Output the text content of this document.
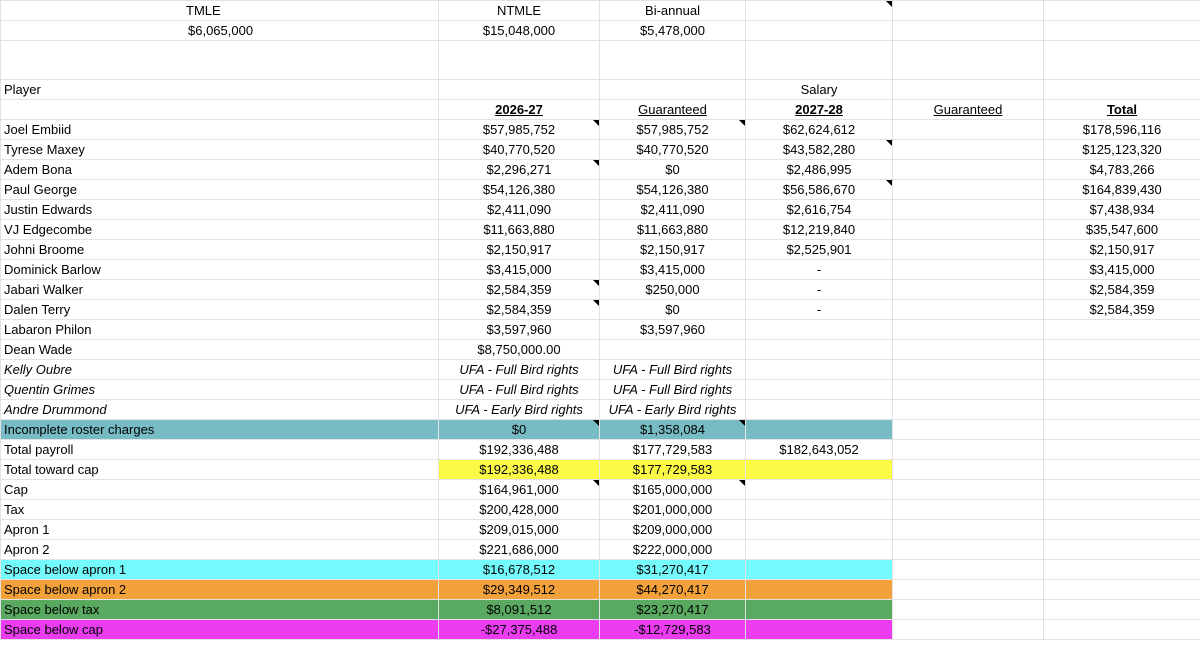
TMLE	NTMLE	Bi-annual			
$6,065,000	$15,048,000	$5,478,000			

Player			Salary		
	2026-27	Guaranteed	2027-28	Guaranteed	Total
Joel Embiid	$57,985,752	$57,985,752	$62,624,612		$178,596,116
Tyrese Maxey	$40,770,520	$40,770,520	$43,582,280		$125,123,320
Adem Bona	$2,296,271	$0	$2,486,995		$4,783,266
Paul George	$54,126,380	$54,126,380	$56,586,670		$164,839,430
Justin Edwards	$2,411,090	$2,411,090	$2,616,754		$7,438,934
VJ Edgecombe	$11,663,880	$11,663,880	$12,219,840		$35,547,600
Johni Broome	$2,150,917	$2,150,917	$2,525,901		$2,150,917
Dominick Barlow	$3,415,000	$3,415,000	-		$3,415,000
Jabari Walker	$2,584,359	$250,000	-		$2,584,359
Dalen Terry	$2,584,359	$0	-		$2,584,359
Labaron Philon	$3,597,960	$3,597,960			
Dean Wade	$8,750,000.00				
Kelly Oubre	UFA - Full Bird rights	UFA - Full Bird rights			
Quentin Grimes	UFA - Full Bird rights	UFA - Full Bird rights			
Andre Drummond	UFA - Early Bird rights	UFA - Early Bird rights			
Incomplete roster charges	$0	$1,358,084			
Total payroll	$192,336,488	$177,729,583	$182,643,052		
Total toward cap	$192,336,488	$177,729,583			
Cap	$164,961,000	$165,000,000			
Tax	$200,428,000	$201,000,000			
Apron 1	$209,015,000	$209,000,000			
Apron 2	$221,686,000	$222,000,000			
Space below apron 1	$16,678,512	$31,270,417			
Space below apron 2	$29,349,512	$44,270,417			
Space below tax	$8,091,512	$23,270,417			
Space below cap	-$27,375,488	-$12,729,583			
